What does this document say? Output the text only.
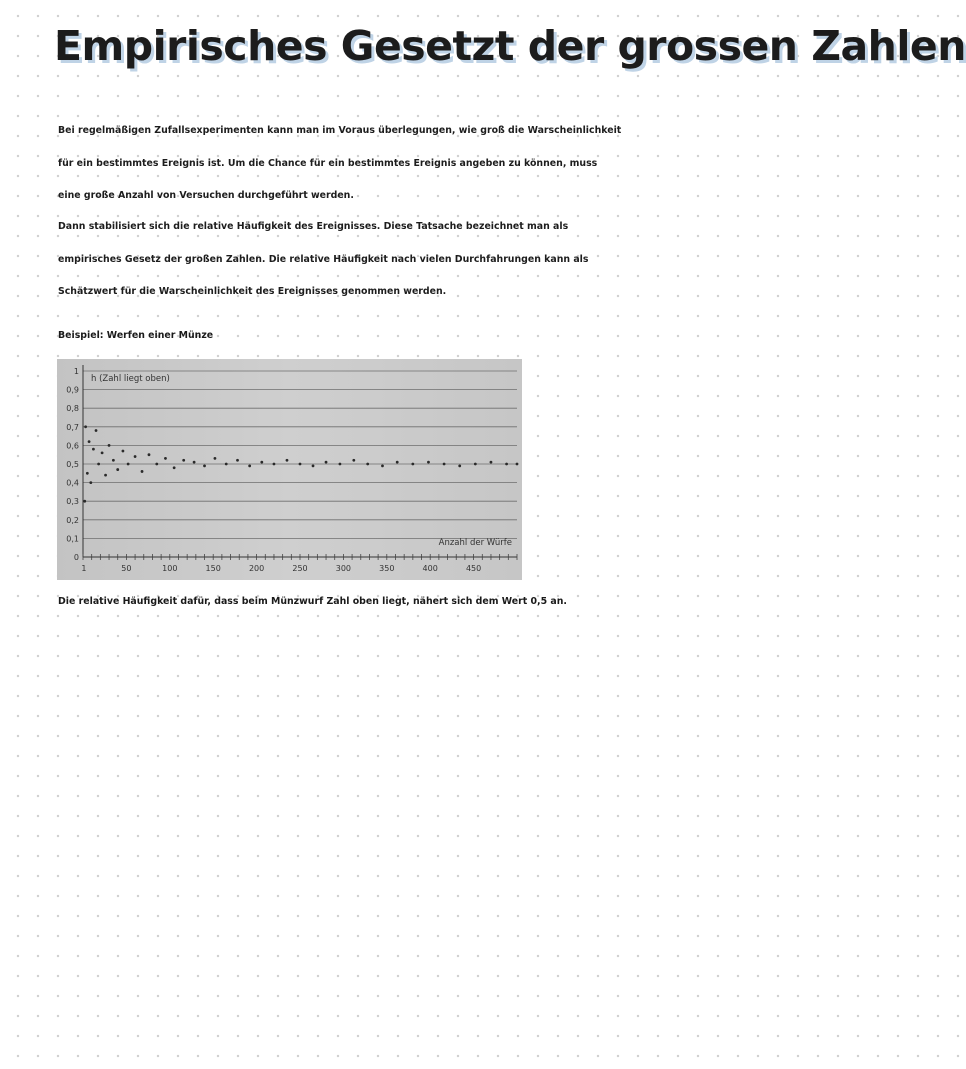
Empirisches Gesetzt der grossen Zahlen
Bei regelmäßigen Zufallsexperimenten kann man im Voraus überlegungen, wie groß die Warscheinlichkeit
für ein bestimmtes Ereignis ist. Um die Chance für ein bestimmtes Ereignis angeben zu können, muss
eine große Anzahl von Versuchen durchgeführt werden.
Dann stabilisiert sich die relative Häufigkeit des Ereignisses. Diese Tatsache bezeichnet man als
empirisches Gesetz der großen Zahlen. Die relative Häufigkeit nach vielen Durchfahrungen kann als
Schätzwert für die Warscheinlichkeit des Ereignisses genommen werden.
Beispiel: Werfen einer Münze
0
0,1
0,2
0,3
0,4
0,5
0,6
0,7
0,8
0,9
1
1	50	100	150	200	250	300	350	400	450
h (Zahl liegt oben)
Anzahl der Würfe
Die relative Häufigkeit dafür, dass beim Münzwurf Zahl oben liegt, nähert sich dem Wert 0,5 an.
